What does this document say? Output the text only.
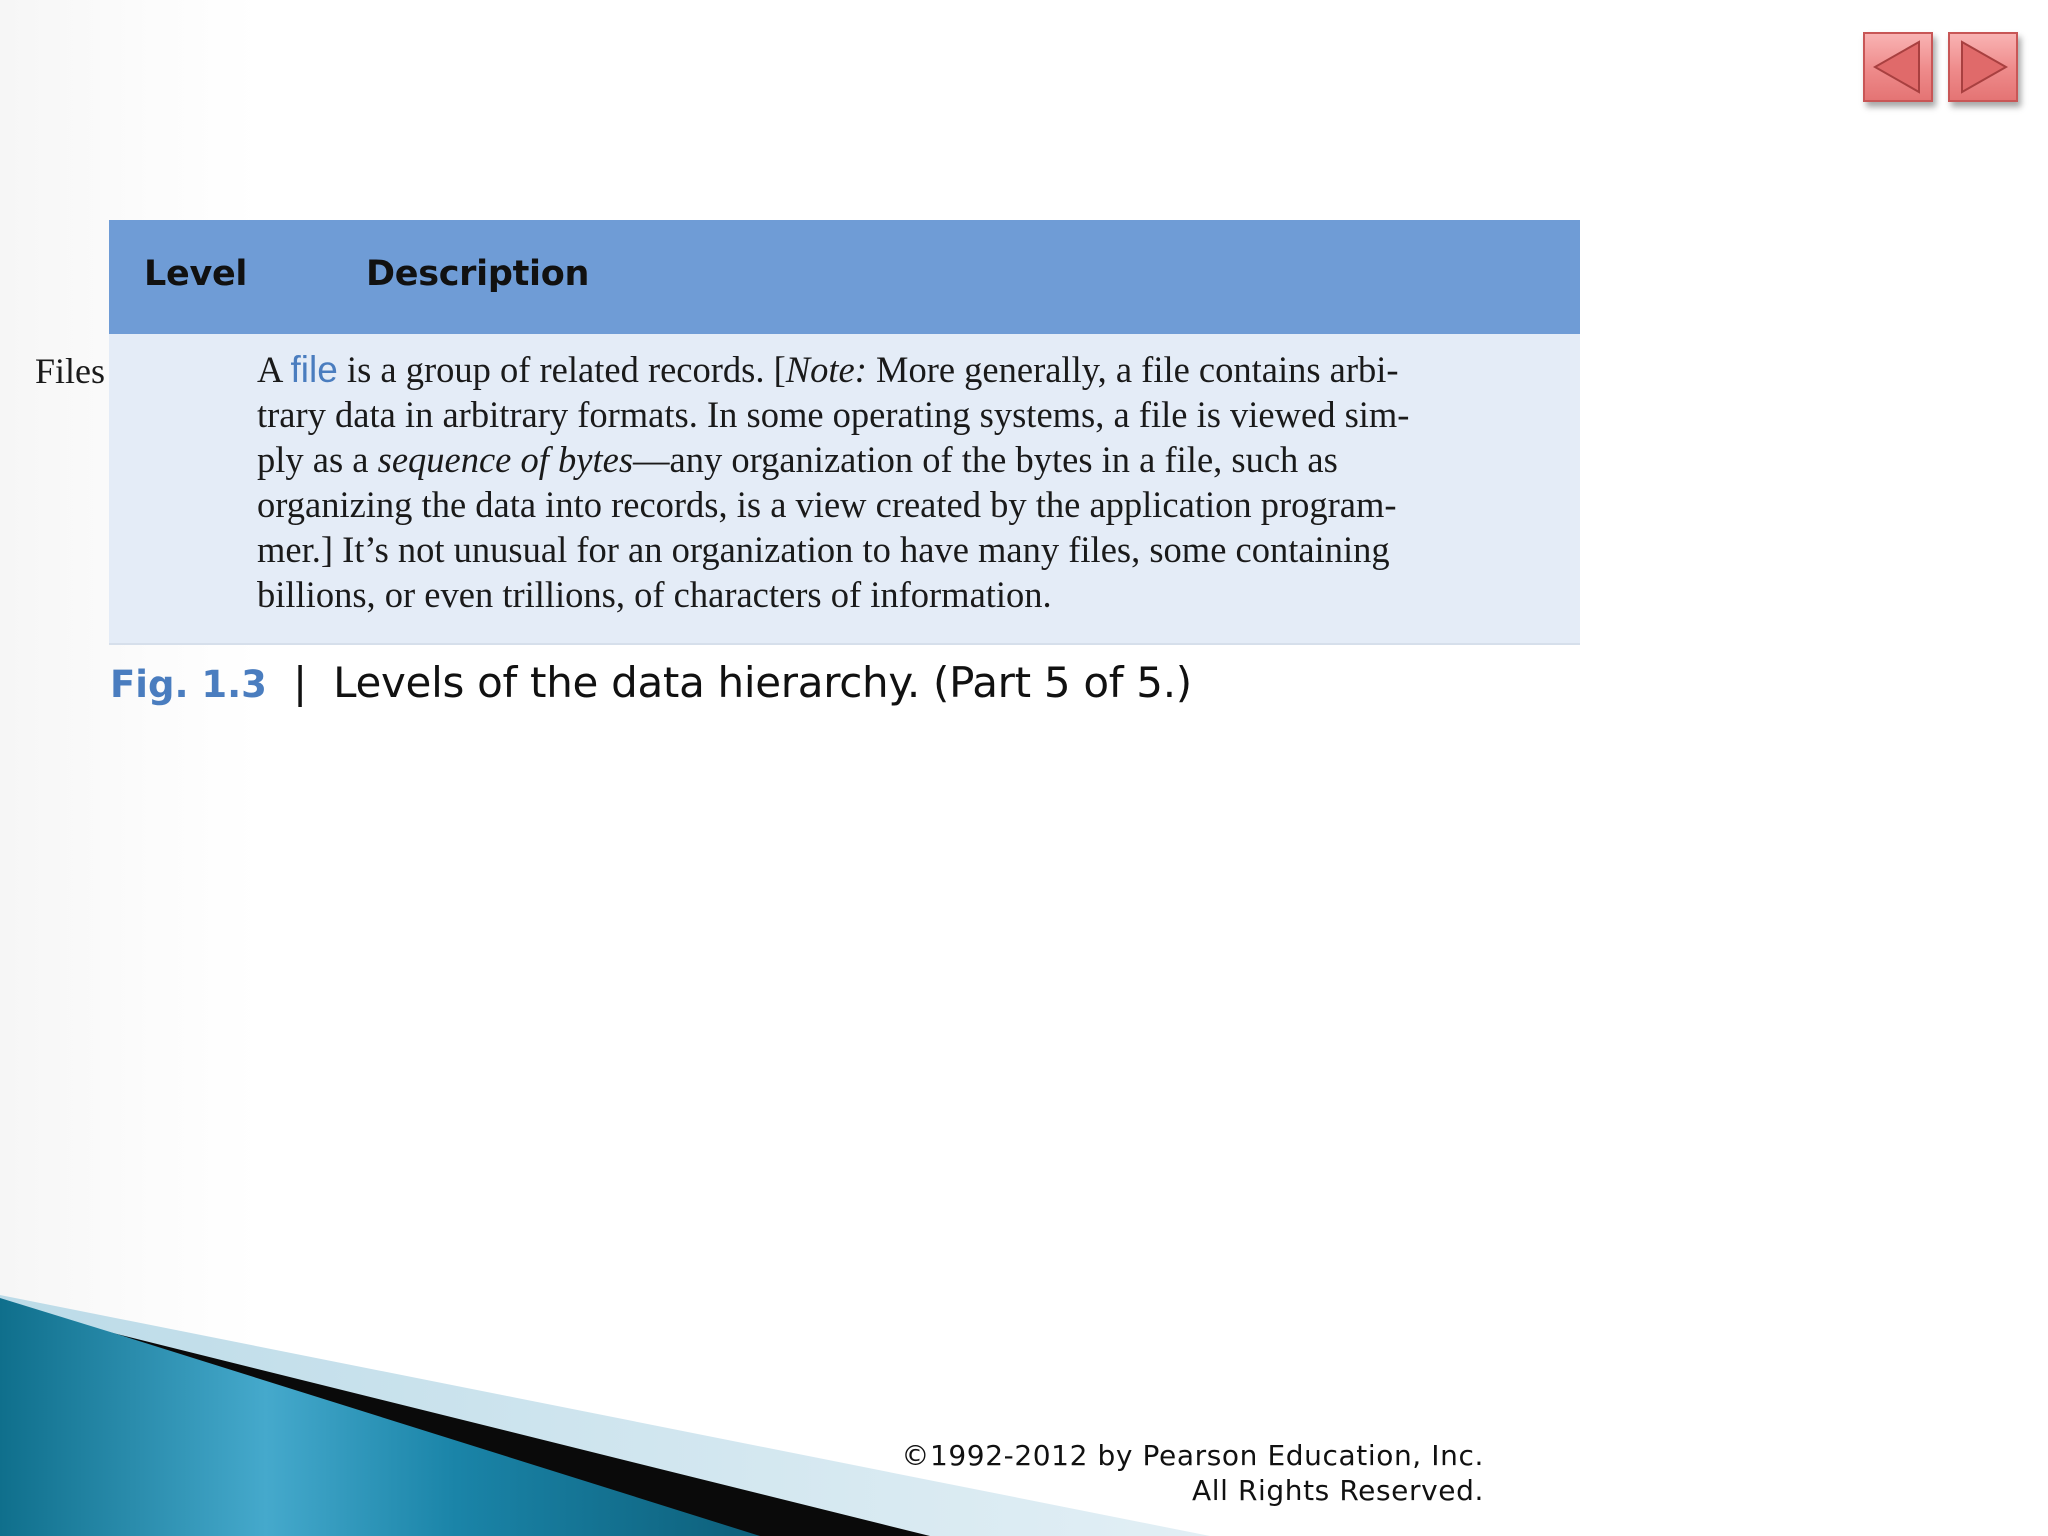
Level	Description
Files	A file is a group of related records. [Note: More generally, a file contains arbi-
trary data in arbitrary formats. In some operating systems, a file is viewed sim-
ply as a sequence of bytes—any organization of the bytes in a file, such as
organizing the data into records, is a view created by the application program-
mer.] It’s not unusual for an organization to have many files, some containing
billions, or even trillions, of characters of information.
Fig. 1.3 | Levels of the data hierarchy. (Part 5 of 5.)
©1992-2012 by Pearson Education, Inc.
All Rights Reserved.
